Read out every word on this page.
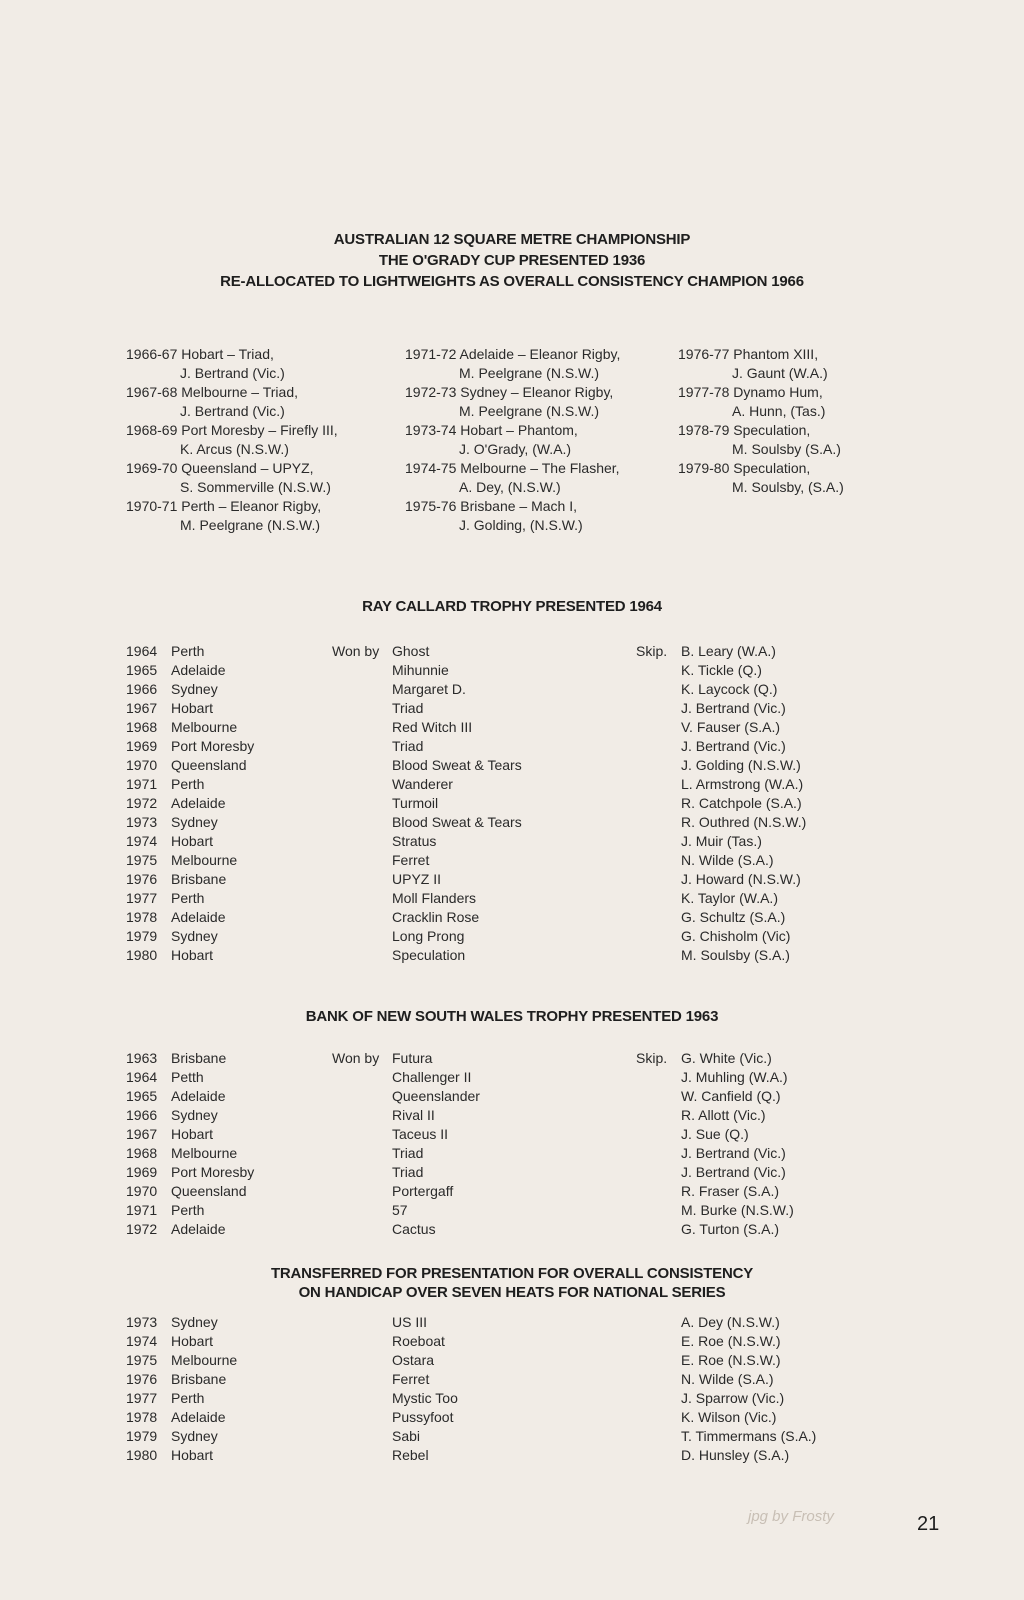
AUSTRALIAN 12 SQUARE METRE CHAMPIONSHIP
THE O'GRADY CUP PRESENTED 1936
RE-ALLOCATED TO LIGHTWEIGHTS AS OVERALL CONSISTENCY CHAMPION 1966
1966-67 Hobart – Triad,
J. Bertrand (Vic.)
1967-68 Melbourne – Triad,
J. Bertrand (Vic.)
1968-69 Port Moresby – Firefly III,
K. Arcus (N.S.W.)
1969-70 Queensland – UPYZ,
S. Sommerville (N.S.W.)
1970-71 Perth – Eleanor Rigby,
M. Peelgrane (N.S.W.)
1971-72 Adelaide – Eleanor Rigby,
M. Peelgrane (N.S.W.)
1972-73 Sydney – Eleanor Rigby,
M. Peelgrane (N.S.W.)
1973-74 Hobart – Phantom,
J. O'Grady, (W.A.)
1974-75 Melbourne – The Flasher,
A. Dey, (N.S.W.)
1975-76 Brisbane – Mach I,
J. Golding, (N.S.W.)
1976-77 Phantom XIII,
J. Gaunt (W.A.)
1977-78 Dynamo Hum,
A. Hunn, (Tas.)
1978-79 Speculation,
M. Soulsby (S.A.)
1979-80 Speculation,
M. Soulsby, (S.A.)
RAY CALLARD TROPHY PRESENTED 1964
1964 Perth	Won by Ghost	Skip. B. Leary (W.A.)
1965 Adelaide	Mihunnie	K. Tickle (Q.)
1966 Sydney	Margaret D.	K. Laycock (Q.)
1967 Hobart	Triad	J. Bertrand (Vic.)
1968 Melbourne	Red Witch III	V. Fauser (S.A.)
1969 Port Moresby	Triad	J. Bertrand (Vic.)
1970 Queensland	Blood Sweat & Tears	J. Golding (N.S.W.)
1971 Perth	Wanderer	L. Armstrong (W.A.)
1972 Adelaide	Turmoil	R. Catchpole (S.A.)
1973 Sydney	Blood Sweat & Tears	R. Outhred (N.S.W.)
1974 Hobart	Stratus	J. Muir (Tas.)
1975 Melbourne	Ferret	N. Wilde (S.A.)
1976 Brisbane	UPYZ II	J. Howard (N.S.W.)
1977 Perth	Moll Flanders	K. Taylor (W.A.)
1978 Adelaide	Cracklin Rose	G. Schultz (S.A.)
1979 Sydney	Long Prong	G. Chisholm (Vic)
1980 Hobart	Speculation	M. Soulsby (S.A.)
BANK OF NEW SOUTH WALES TROPHY PRESENTED 1963
1963 Brisbane	Won by Futura	Skip. G. White (Vic.)
1964 Petth	Challenger II	J. Muhling (W.A.)
1965 Adelaide	Queenslander	W. Canfield (Q.)
1966 Sydney	Rival II	R. Allott (Vic.)
1967 Hobart	Taceus II	J. Sue (Q.)
1968 Melbourne	Triad	J. Bertrand (Vic.)
1969 Port Moresby	Triad	J. Bertrand (Vic.)
1970 Queensland	Portergaff	R. Fraser (S.A.)
1971 Perth	57	M. Burke (N.S.W.)
1972 Adelaide	Cactus	G. Turton (S.A.)
TRANSFERRED FOR PRESENTATION FOR OVERALL CONSISTENCY
ON HANDICAP OVER SEVEN HEATS FOR NATIONAL SERIES
1973 Sydney	US III	A. Dey (N.S.W.)
1974 Hobart	Roeboat	E. Roe (N.S.W.)
1975 Melbourne	Ostara	E. Roe (N.S.W.)
1976 Brisbane	Ferret	N. Wilde (S.A.)
1977 Perth	Mystic Too	J. Sparrow (Vic.)
1978 Adelaide	Pussyfoot	K. Wilson (Vic.)
1979 Sydney	Sabi	T. Timmermans (S.A.)
1980 Hobart	Rebel	D. Hunsley (S.A.)
jpg by Frosty	21
